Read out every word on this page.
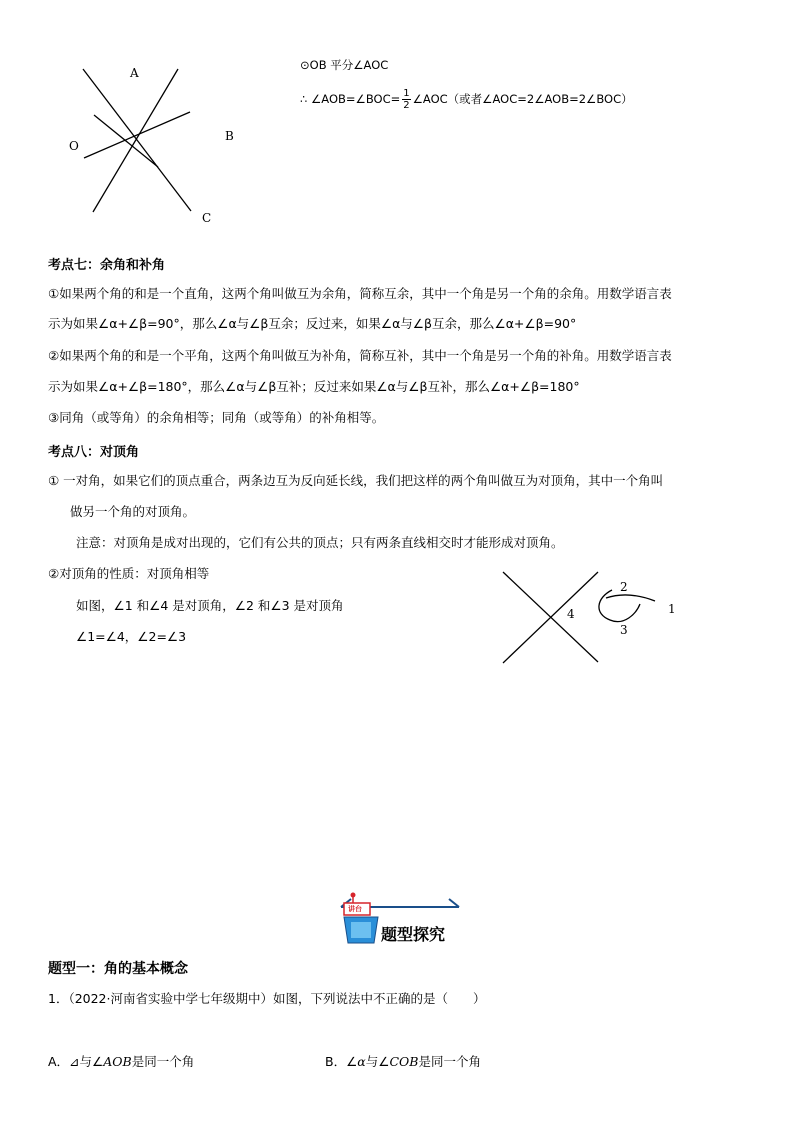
A
O
B
C
⊙OB 平分∠AOC
∴ ∠AOB=∠BOC= $\frac{1}{2}$ ∠AOC（或者∠AOC=2∠AOB=2∠BOC）
考点七：余角和补角
①如果两个角的和是一个直角，这两个角叫做互为余角，简称互余，其中一个角是另一个角的余角。用数学语言表
示为如果∠α+∠β=90°，那么∠α与∠β互余；反过来，如果∠α与∠β互余，那么∠α+∠β=90°
②如果两个角的和是一个平角，这两个角叫做互为补角，简称互补，其中一个角是另一个角的补角。用数学语言表
示为如果∠α+∠β=180°，那么∠α与∠β互补；反过来如果∠α与∠β互补，那么∠α+∠β=180°
③同角（或等角）的余角相等；同角（或等角）的补角相等。
考点八：对顶角
① 一对角，如果它们的顶点重合，两条边互为反向延长线，我们把这样的两个角叫做互为对顶角，其中一个角叫
做另一个角的对顶角。
注意：对顶角是成对出现的，它们有公共的顶点；只有两条直线相交时才能形成对顶角。
②对顶角的性质：对顶角相等
如图，∠1 和∠4 是对顶角，∠2 和∠3 是对顶角
∠1=∠4，∠2=∠3
4
2
1
3
讲台
题型探究
题型一：角的基本概念
1．（2022·河南省实验中学七年级期中）如图，下列说法中不正确的是（　　）
A．⊿与∠AOB是同一个角	B．∠α与∠COB是同一个角
